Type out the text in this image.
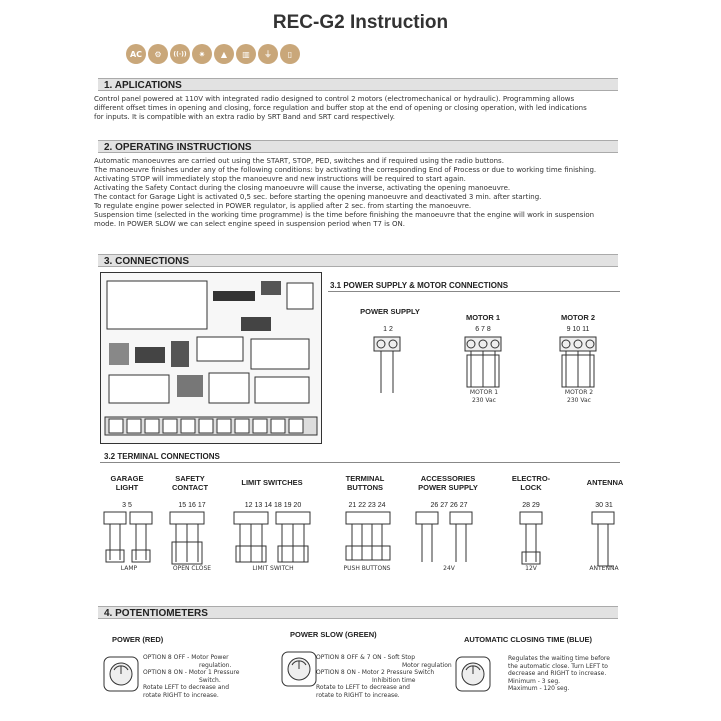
REC-G2 Instruction
AC	⚙	((·))	✷	▲	▥	⏚	▯
1. APLICATIONS
Control panel powered at 110V with integrated radio designed to control 2 motors (electromechanical or hydraulic). Programming allows
different offset times in opening and closing, force regulation and buffer stop at the end of opening or closing operation, with led indications
for inputs. It is compatible with an extra radio by SRT Band and SRT card respectively.
2. OPERATING INSTRUCTIONS
Automatic manoeuvres are carried out using the START, STOP, PED, switches and if required using the radio buttons.
The manoeuvre finishes under any of the following conditions: by activating the corresponding End of Process or due to working time finishing.
Activating STOP will immediately stop the manoeuvre and new instructions will be required to start again.
Activating the Safety Contact during the closing manoeuvre will cause the inverse, activating the opening manoeuvre.
The contact for Garage Light is activated 0,5 sec. before starting the opening manoeuvre and deactivated 3 min. after starting.
To regulate engine power selected in POWER regulator, is applied after 2 sec. from starting the manoeuvre.
Suspension time (selected in the working time programme) is the time before finishing the manoeuvre that the engine will work in suspension
mode. In POWER SLOW we can select engine speed in suspension period when T7 is ON.
3. CONNECTIONS
3.1 POWER SUPPLY & MOTOR CONNECTIONS
POWER SUPPLY
1 2
MOTOR 1
6 7 8
MOTOR 1 230 Vac
MOTOR 2
9 10 11
MOTOR 2 230 Vac
3.2 TERMINAL CONNECTIONS
GARAGE LIGHT
SAFETY CONTACT
LIMIT SWITCHES	TERMINAL BUTTONS
ACCESSORIES POWER SUPPLY
ELECTRO-LOCK
ANTENNA
3 5	15 16 17	12 13 14 18 19 20	21 22 23 24	26 27 26 27	28 29	30 31
LAMP	OPEN CLOSE	LIMIT SWITCH	PUSH BUTTONS	24V	12V	ANTENNA
4. POTENTIOMETERS
POWER (RED)
POWER SLOW (GREEN)
AUTOMATIC CLOSING TIME (BLUE)
OPTION 8 OFF - Motor Power
regulation.
OPTION 8 ON - Motor 1 Pressure
Switch.
Rotate LEFT to decrease and
rotate RIGHT to increase.
OPTION 8 OFF & 7 ON - Soft Stop
Motor regulation
OPTION 8 ON - Motor 2 Pressure Switch
Inhibition time
Rotate to LEFT to decrease and
rotate to RIGHT to increase.
Regulates the waiting time before
the automatic close. Turn LEFT to
decrease and RIGHT to increase.
Minimum - 3 seg.
Maximum - 120 seg.
